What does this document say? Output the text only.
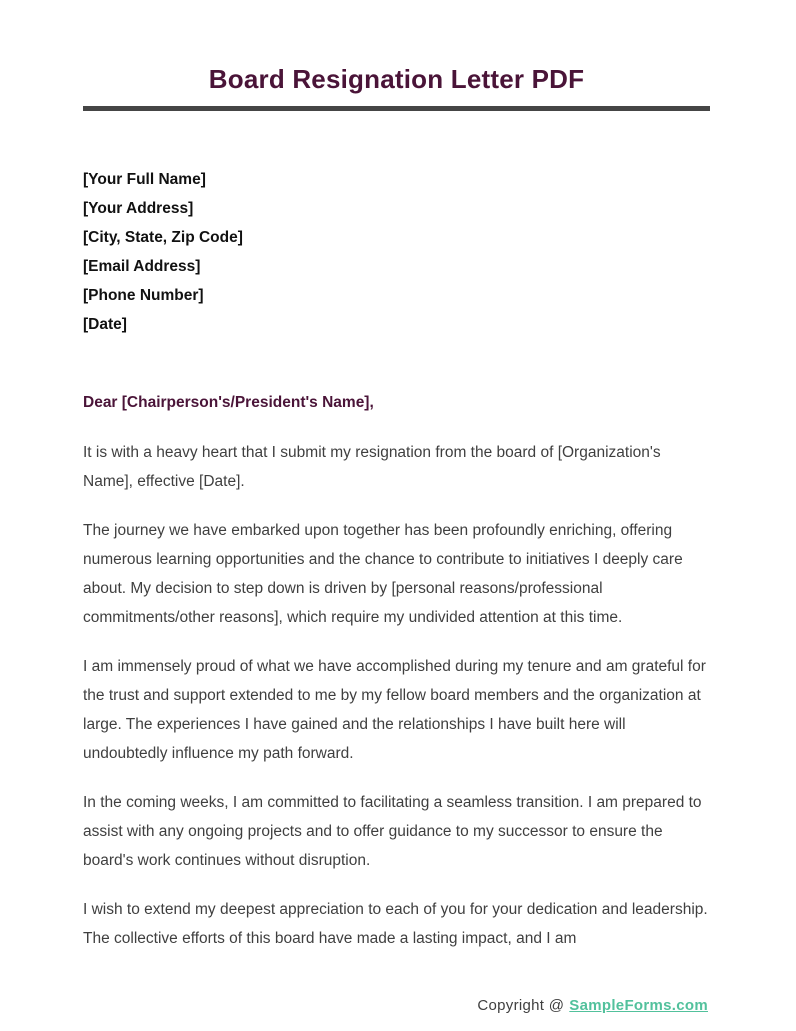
Board Resignation Letter PDF
[Your Full Name]
[Your Address]
[City, State, Zip Code]
[Email Address]
[Phone Number]
[Date]

Dear [Chairperson's/President's Name],

It is with a heavy heart that I submit my resignation from the board of [Organization's Name], effective [Date].

The journey we have embarked upon together has been profoundly enriching, offering numerous learning opportunities and the chance to contribute to initiatives I deeply care about. My decision to step down is driven by [personal reasons/professional commitments/other reasons], which require my undivided attention at this time.

I am immensely proud of what we have accomplished during my tenure and am grateful for the trust and support extended to me by my fellow board members and the organization at large. The experiences I have gained and the relationships I have built here will undoubtedly influence my path forward.

In the coming weeks, I am committed to facilitating a seamless transition. I am prepared to assist with any ongoing projects and to offer guidance to my successor to ensure the board's work continues without disruption.

I wish to extend my deepest appreciation to each of you for your dedication and leadership. The collective efforts of this board have made a lasting impact, and I am

Copyright @ SampleForms.com
